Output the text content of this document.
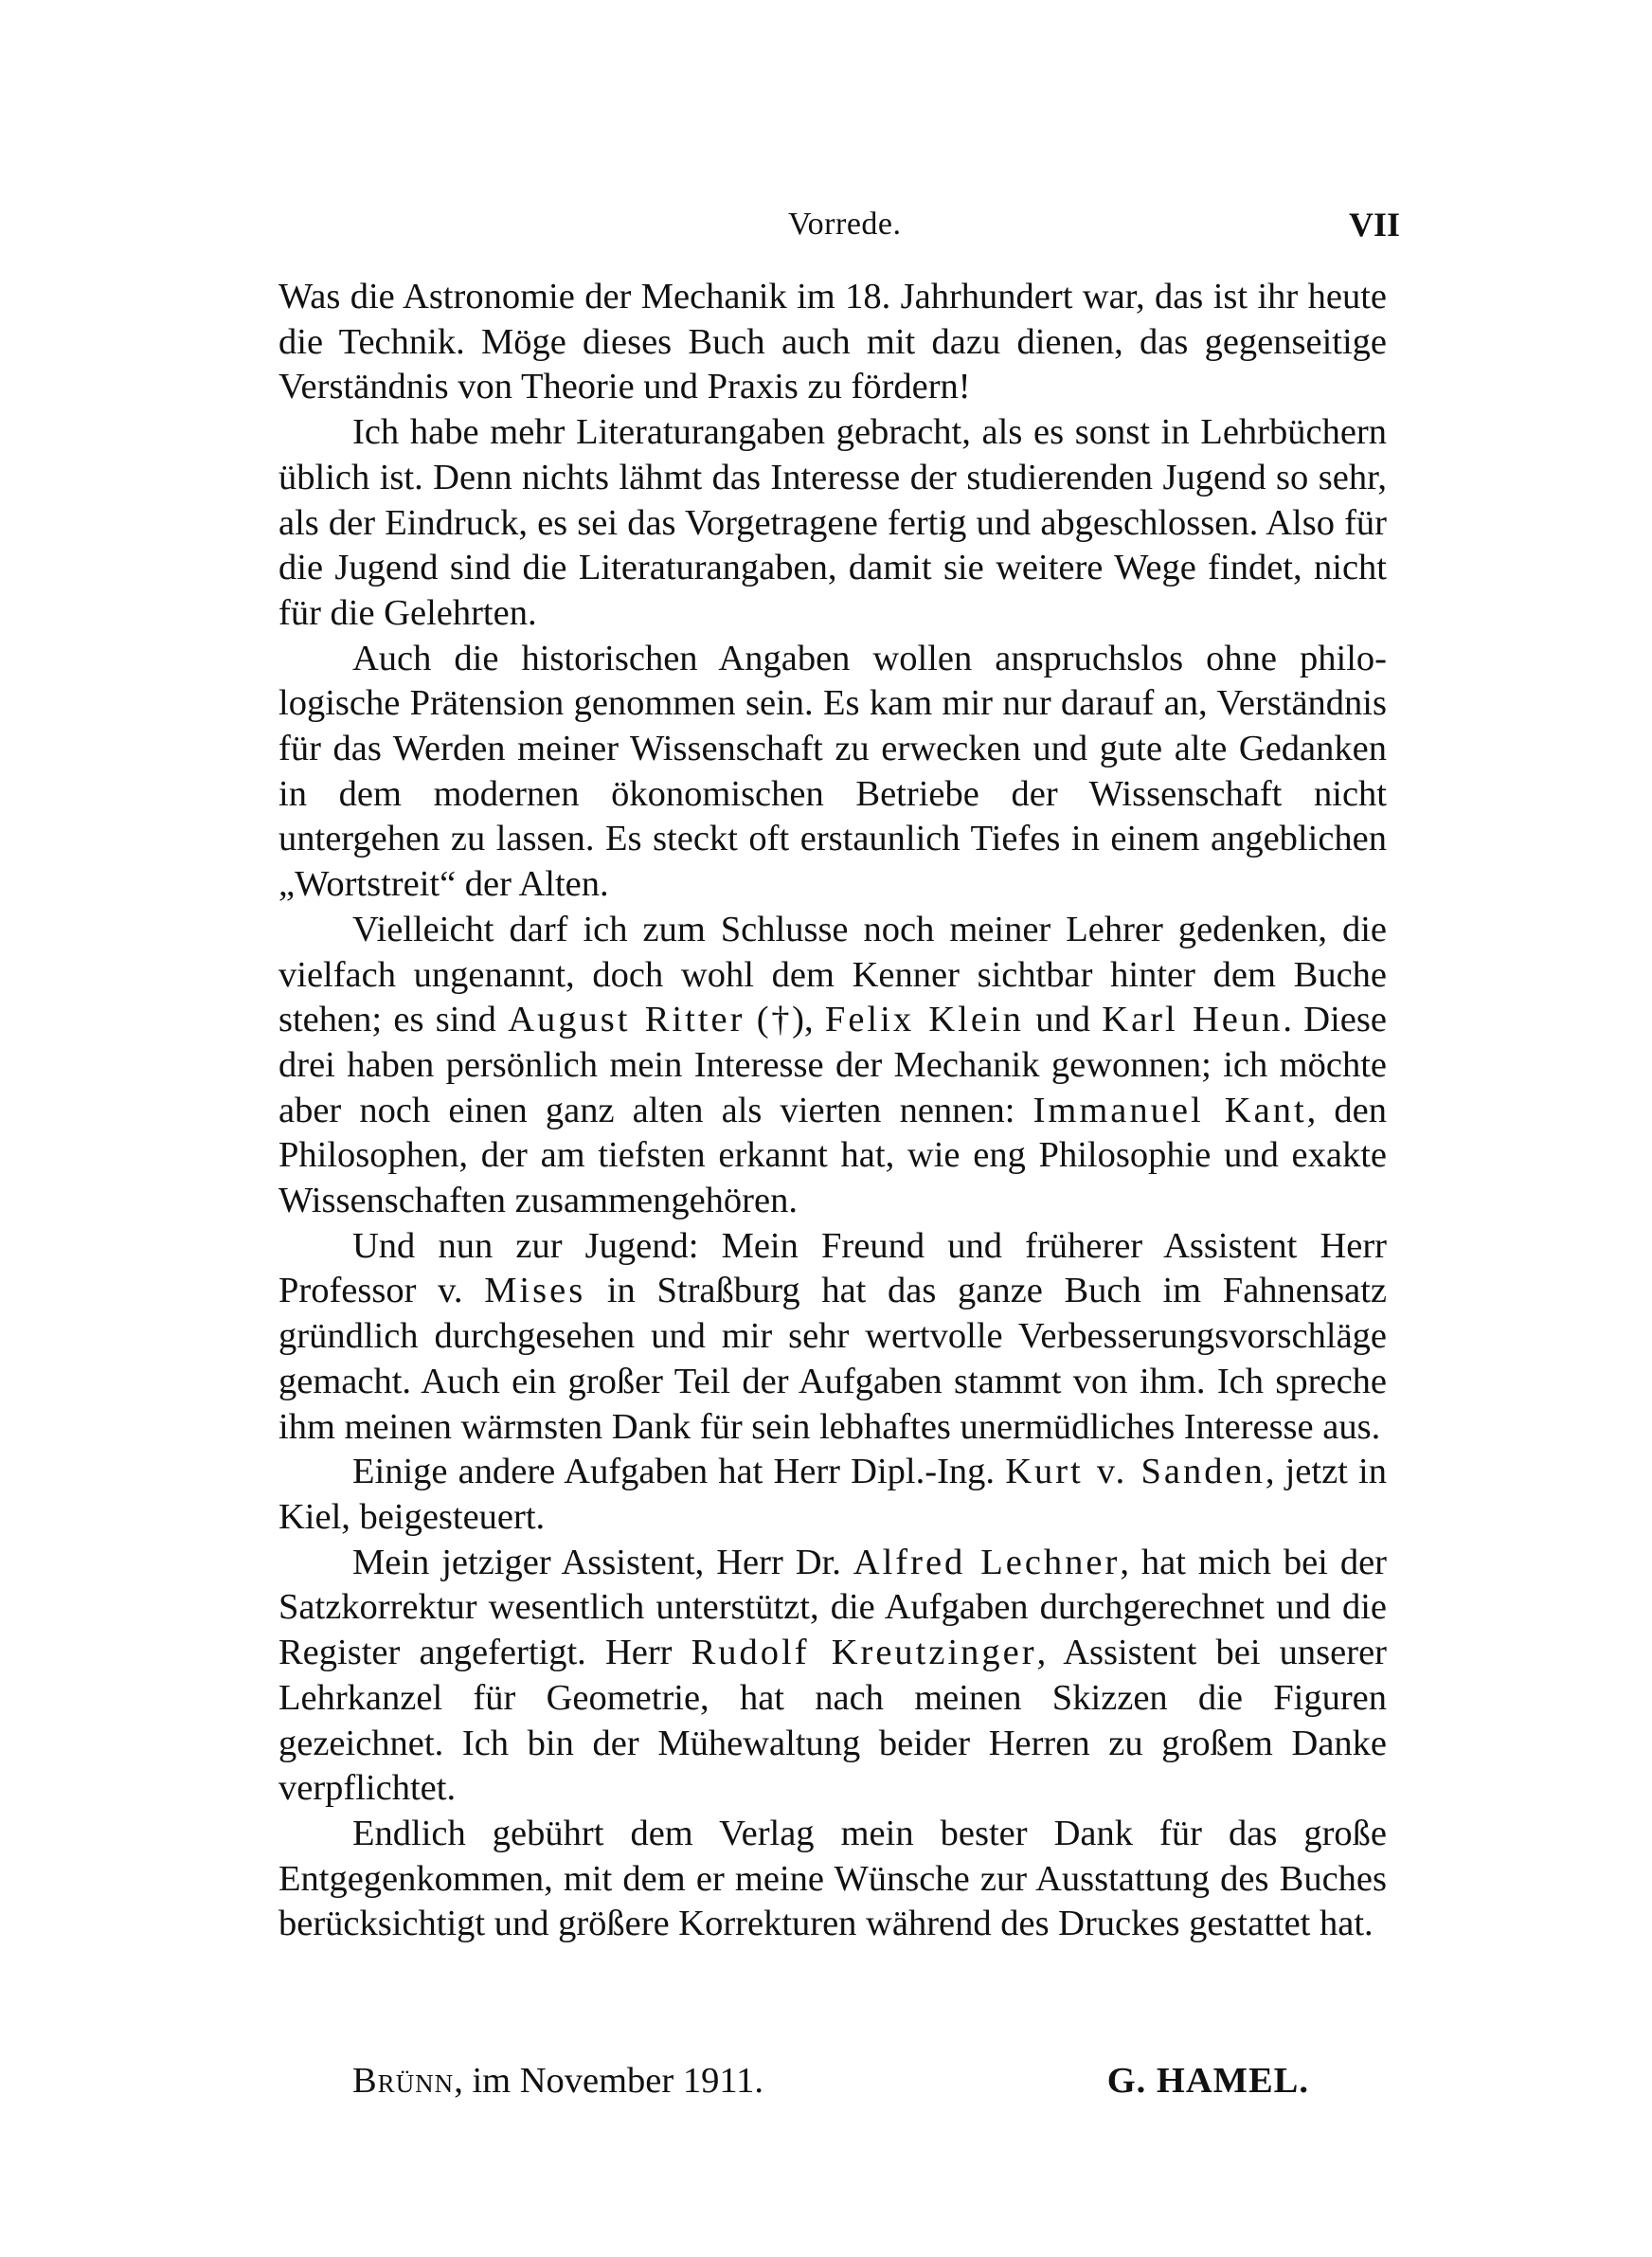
Vorrede.	VII

Was die Astronomie der Mechanik im 18. Jahrhundert war, das ist ihr heute die Technik. Möge dieses Buch auch mit dazu dienen, das gegenseitige Verständnis von Theorie und Praxis zu fördern!

Ich habe mehr Literaturangaben gebracht, als es sonst in Lehrbüchern üblich ist. Denn nichts lähmt das Interesse der studierenden Jugend so sehr, als der Eindruck, es sei das Vorgetragene fertig und abgeschlossen. Also für die Jugend sind die Literaturangaben, damit sie weitere Wege findet, nicht für die Gelehrten.

Auch die historischen Angaben wollen anspruchslos ohne philologische Prätension genommen sein. Es kam mir nur darauf an, Verständnis für das Werden meiner Wissenschaft zu erwecken und gute alte Gedanken in dem modernen ökonomischen Betriebe der Wissenschaft nicht untergehen zu lassen. Es steckt oft erstaunlich Tiefes in einem angeblichen „Wortstreit“ der Alten.

Vielleicht darf ich zum Schlusse noch meiner Lehrer gedenken, die vielfach ungenannt, doch wohl dem Kenner sichtbar hinter dem Buche stehen; es sind August Ritter (†), Felix Klein und Karl Heun. Diese drei haben persönlich mein Interesse der Mechanik gewonnen; ich möchte aber noch einen ganz alten als vierten nennen: Immanuel Kant, den Philosophen, der am tiefsten erkannt hat, wie eng Philosophie und exakte Wissenschaften zusammengehören.

Und nun zur Jugend: Mein Freund und früherer Assistent Herr Professor v. Mises in Straßburg hat das ganze Buch im Fahnensatz gründlich durchgesehen und mir sehr wertvolle Verbesserungsvorschläge gemacht. Auch ein großer Teil der Aufgaben stammt von ihm. Ich spreche ihm meinen wärmsten Dank für sein lebhaftes unermüdliches Interesse aus.

Einige andere Aufgaben hat Herr Dipl.-Ing. Kurt v. Sanden, jetzt in Kiel, beigesteuert.

Mein jetziger Assistent, Herr Dr. Alfred Lechner, hat mich bei der Satzkorrektur wesentlich unterstützt, die Aufgaben durchgerechnet und die Register angefertigt. Herr Rudolf Kreutzinger, Assistent bei unserer Lehrkanzel für Geometrie, hat nach meinen Skizzen die Figuren gezeichnet. Ich bin der Mühewaltung beider Herren zu großem Danke verpflichtet.

Endlich gebührt dem Verlag mein bester Dank für das große Entgegenkommen, mit dem er meine Wünsche zur Ausstattung des Buches berücksichtigt und größere Korrekturen während des Druckes gestattet hat.

Brünn, im November 1911.	G. HAMEL.
